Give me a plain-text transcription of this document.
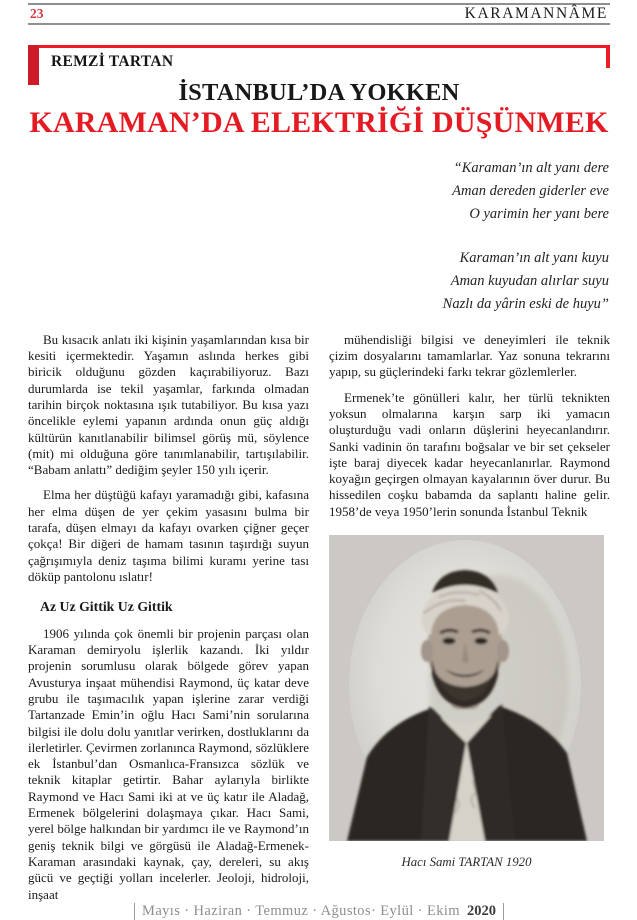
23	KARAMANNÂME
REMZİ TARTAN
İSTANBUL’DA YOKKEN
KARAMAN’DA ELEKTRİĞİ DÜŞÜNMEK
“Karaman’ın alt yanı dere
Aman dereden giderler eve
O yarimin her yanı bere
Karaman’ın alt yanı kuyu
Aman kuyudan alırlar suyu
Nazlı da yârin eski de huyu”

Bu kısacık anlatı iki kişinin yaşamlarından kısa bir kesiti içermektedir. Yaşamın aslında herkes gibi biricik olduğunu gözden kaçırabiliyoruz. Bazı durumlarda ise tekil yaşamlar, farkında olmadan tarihin birçok noktasına ışık tutabiliyor. Bu kısa yazı öncelikle eylemi yapanın ardında onun güç aldığı kültürün kanıtlanabilir bilimsel görüş mü, söylence (mit) mi olduğuna göre tanımlanabilir, tartışılabilir. “Babam anlattı” dediğim şeyler 150 yılı içerir.

Elma her düştüğü kafayı yaramadığı gibi, kafasına her elma düşen de yer çekim yasasını bulma bir tarafa, düşen elmayı da kafayı ovarken çiğner geçer çokça! Bir diğeri de hamam tasının taşırdığı suyun çağrışımıyla deniz taşıma bilimi kuramı yerine tası döküp pantolonu ıslatır!

Az Uz Gittik Uz Gittik

1906 yılında çok önemli bir projenin parçası olan Karaman demiryolu işlerlik kazandı. İki yıldır projenin sorumlusu olarak bölgede görev yapan Avusturya inşaat mühendisi Raymond, üç katar deve grubu ile taşımacılık yapan işlerine zarar verdiği Tartanzade Emin’in oğlu Hacı Sami’nin sorularına bilgisi ile dolu dolu yanıtlar verirken, dostluklarını da ilerletirler. Çevirmen zorlanınca Raymond, sözlüklere ek İstanbul’dan Osmanlıca-Fransızca sözlük ve teknik kitaplar getirtir. Bahar aylarıyla birlikte Raymond ve Hacı Sami iki at ve üç katır ile Aladağ, Ermenek bölgelerini dolaşmaya çıkar. Hacı Sami, yerel bölge halkından bir yardımcı ile ve Raymond’ın geniş teknik bilgi ve görgüsü ile Aladağ-Ermenek-Karaman arasındaki kaynak, çay, dereleri, su akış gücü ve geçtiği yolları incelerler. Jeoloji, hidroloji, inşaat

mühendisliği bilgisi ve deneyimleri ile teknik çizim dosyalarını tamamlarlar. Yaz sonuna tekrarını yapıp, su güçlerindeki farkı tekrar gözlemlerler.

Ermenek’te gönülleri kalır, her türlü teknikten yoksun olmalarına karşın sarp iki yamacın oluşturduğu vadi onların düşlerini heyecanlandırır. Sanki vadinin ön tarafını boğsalar ve bir set çekseler işte baraj diyecek kadar heyecanlanırlar. Raymond koyağın geçirgen olmayan kayalarının över durur. Bu hissedilen coşku babamda da saplantı haline gelir. 1958’de veya 1950’lerin sonunda İstanbul Teknik

Hacı Sami TARTAN 1920
Mayıs · Haziran · Temmuz · Ağustos· Eylül · Ekim 2020
